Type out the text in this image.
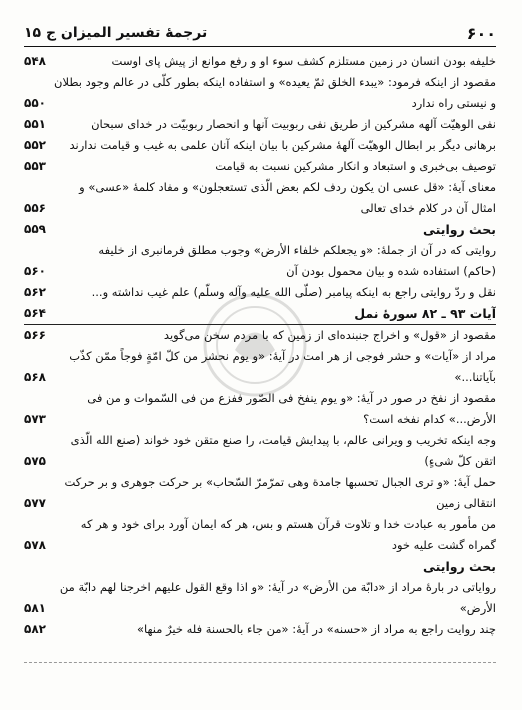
۶۰۰
ترجمهٔ تفسیر المیزان ج ۱۵
خلیفه بودن انسان در زمین مستلزم کشف سوء او و رفع موانع از پیش پای اوست
۵۴۸
مقصود از اینکه فرمود: «یبدء الخلق ثمّ یعیده» و استفاده اینکه بطور کلّی در عالم وجود بطلان
و نیستی راه ندارد
۵۵۰
نفی الوهیّت آلهه مشرکین از طریق نفی ربوبیت آنها و انحصار ربوبیّت در خدای سبحان
۵۵۱
برهانی دیگر بر ابطال الوهیّت آلههٔ مشرکین با بیان اینکه آنان علمی به غیب و قیامت ندارند
۵۵۲
توصیف بی‌خبری و استبعاد و انکار مشرکین نسبت به قیامت
۵۵۳
معنای آیهٔ: «قل عسى ان یکون ردف لکم بعض الّذى تستعجلون» و مفاد کلمهٔ «عسى» و
امثال آن در کلام خدای تعالی
۵۵۶
بحث روایتی
۵۵۹
روایتی که در آن از جملهٔ: «و یجعلکم خلفاء الأرض» وجوب مطلق فرمانبری از خلیفه
(حاکم) استفاده شده و بیان محمول بودن آن
۵۶۰
نقل و ردّ روایتی راجع به اینکه پیامبر (صلّى الله علیه وآله وسلّم) علم غیب نداشته و...
۵۶۲
آیات ۹۳ ـ ۸۲ سورهٔ نمل
۵۶۴
مقصود از «قول» و اخراج جنبنده‌ای از زمین که با مردم سخن می‌گوید
۵۶۶
مراد از «آیات» و حشر فوجی از هر امت در آیهٔ: «و یوم نحشر من کلّ امّةٍ فوجاً ممّن کذّب
بآیاتنا...»
۵۶۸
مقصود از نفخ در صور در آیهٔ: «و یوم ینفخ فی الصّور ففزع من فی السّموات و من فی
الأرض...» کدام نفخه است؟
۵۷۳
وجه اینکه تخریب و ویرانی عالم، با پیدایش قیامت، را صنع متقن خود خواند (صنع الله الّذی
اتقن کلّ شی‌ءٍ)
۵۷۵
حمل آیهٔ: «و تری الجبال تحسبها جامدة وهی تمرّمرّ السّحاب» بر حرکت جوهری و بر حرکت
انتقالی زمین
۵۷۷
من مأمور به عبادت خدا و تلاوت قرآن هستم و بس، هر که ایمان آورد برای خود و هر که
گمراه گشت علیه خود
۵۷۸
بحث روایتی
روایاتی در بارهٔ مراد از «دابّة من الأرض» در آیهٔ: «و اذا وقع القول علیهم اخرجنا لهم دابّة من
الأرض»
۵۸۱
چند روایت راجع به مراد از «حسنه» در آیهٔ: «من جاء بالحسنة فله خیرٌ منها»
۵۸۲
